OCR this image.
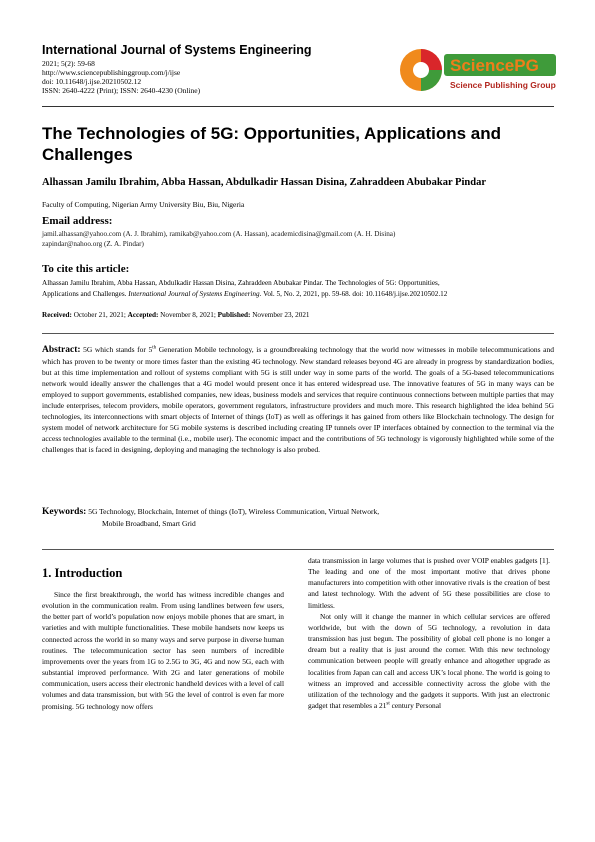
International Journal of Systems Engineering
2021; 5(2): 59-68
http://www.sciencepublishinggroup.com/j/ijse
doi: 10.11648/j.ijse.20210502.12
ISSN: 2640-4222 (Print); ISSN: 2640-4230 (Online)
SciencePG
Science Publishing Group
The Technologies of 5G: Opportunities, Applications and
Challenges
Alhassan Jamilu Ibrahim, Abba Hassan, Abdulkadir Hassan Disina, Zahraddeen Abubakar Pindar
Faculty of Computing, Nigerian Army University Biu, Biu, Nigeria
Email address:
jamil.alhassan@yahoo.com (A. J. Ibrahim), ramikab@yahoo.com (A. Hassan), academicdisina@gmail.com (A. H. Disina)
zapindar@nahoo.org (Z. A. Pindar)
To cite this article:
Alhassan Jamilu Ibrahim, Abba Hassan, Abdulkadir Hassan Disina, Zahraddeen Abubakar Pindar. The Technologies of 5G: Opportunities,
Applications and Challenges. International Journal of Systems Engineering. Vol. 5, No. 2, 2021, pp. 59-68. doi: 10.11648/j.ijse.20210502.12
Received: October 21, 2021; Accepted: November 8, 2021; Published: November 23, 2021
Abstract: 5G which stands for 5th Generation Mobile technology, is a groundbreaking technology that the world now witnesses in mobile telecommunications and which has proven to be twenty or more times faster than the existing 4G technology. New standard releases beyond 4G are already in progress by standardization bodies, but at this time implementation and rollout of systems compliant with 5G is still under way in some parts of the world. The goals of a 5G-based telecommunications network would ideally answer the challenges that a 4G model would present once it has entered widespread use. The innovative features of 5G in many ways can be employed to support governments, established companies, new ideas, business models and services that require continuous connections between multiple parties that may include enterprises, telecom providers, mobile operators, government regulators, infrastructure providers and much more. This research highlighted the idea behind 5G technologies, its interconnections with smart objects of Internet of things (IoT) as well as offerings it has gained from others like Blockchain technology. The design for system model of network architecture for 5G mobile systems is described including creating IP tunnels over IP interfaces obtained by connection to the terminal via the access technologies available to the terminal (i.e., mobile user). The economic impact and the contributions of 5G technology is vigorously highlighted while some of the challenges that is faced in designing, deploying and managing the technology is also probed.
Keywords: 5G Technology, Blockchain, Internet of things (IoT), Wireless Communication, Virtual Network,
Mobile Broadband, Smart Grid
1. Introduction

Since the first breakthrough, the world has witness incredible changes and evolution in the communication realm. From using landlines between few users, the better part of world’s population now enjoys mobile phones that are smart, in varieties and with multiple functionalities. These mobile handsets now keeps us connected across the world in so many ways and serve purpose in diverse human routines. The telecommunication sector has seen numbers of incredible improvements over the years from 1G to 2.5G to 3G, 4G and now 5G, each with substantial improved performance. With 2G and later generations of mobile communication, users access their electronic handheld devices with a level of call volumes and data transmission, but with 5G the level of control is even far more promising. 5G technology now offers

data transmission in large volumes that is pushed over VOIP enables gadgets [1]. The leading and one of the most important motive that drives phone manufacturers into competition with other innovative rivals is the creation of best and latest technology. With the advent of 5G these possibilities are close to limitless.

Not only will it change the manner in which cellular services are offered worldwide, but with the down of 5G technology, a revolution in data transmission has just begun. The possibility of global cell phone is no longer a dream but a reality that is just around the corner. With this new technology communication between people will greatly enhance and altogether upgrade as localities from Japan can call and access UK’s local phone. The world is going to witness an improved and accessible connectivity across the globe with the utilization of the technology and the gadgets it supports. With just an electronic gadget that resembles a 21st century Personal
